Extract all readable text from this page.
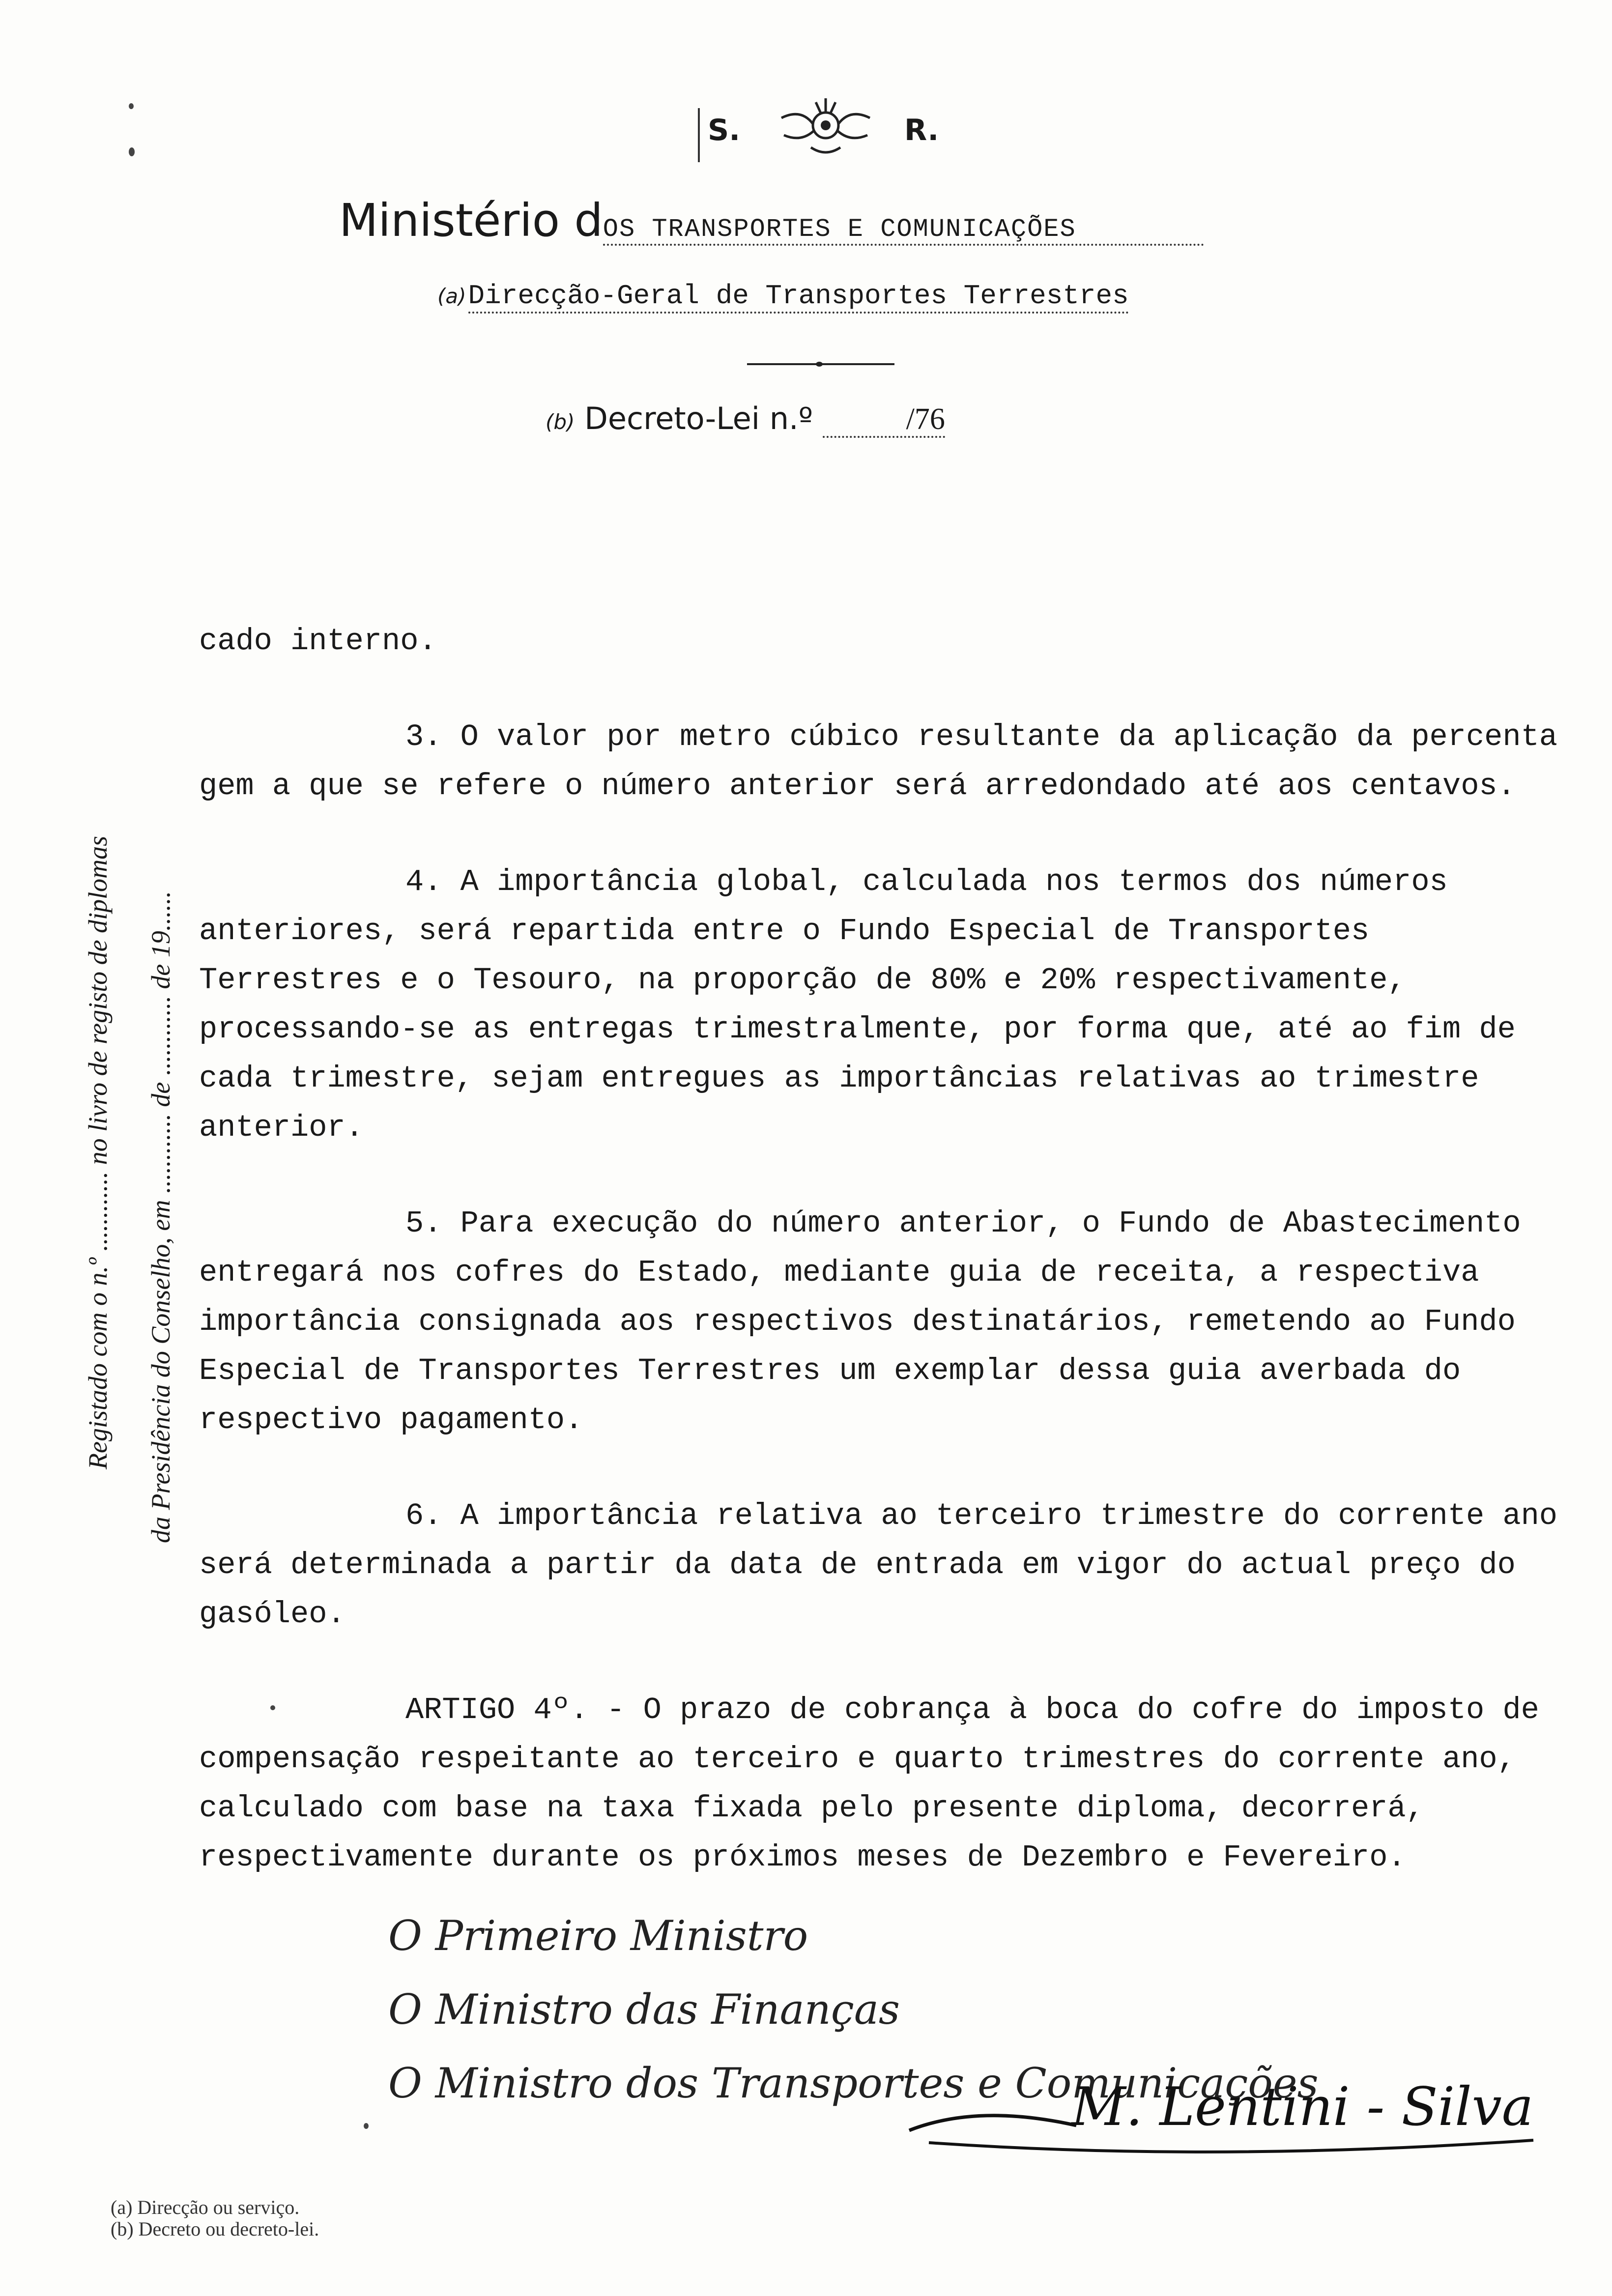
S.	R.
Ministério dOS TRANSPORTES E COMUNICAÇÕES
(a) Direcção-Geral de Transportes Terrestres
(b) Decreto-Lei n.º	/76
Registado com o n.º ............ no livro de registo de diplomas da Presidência do Conselho, em ............ de ............ de 19......

cado interno.

3. O valor por metro cúbico resultante da aplicação da percenta gem a que se refere o número anterior será arredondado até aos centavos.

4. A importância global, calculada nos termos dos números anteriores, será repartida entre o Fundo Especial de Transportes Terrestres e o Tesouro, na proporção de 80% e 20% respectivamente, processando-se as entregas trimestralmente, por forma que, até ao fim de cada trimestre, sejam entregues as importâncias relativas ao trimestre anterior.

5. Para execução do número anterior, o Fundo de Abastecimento entregará nos cofres do Estado, mediante guia de receita, a respectiva importância consignada aos respectivos destinatários, remetendo ao Fundo Especial de Transportes Terrestres um exemplar dessa guia averbada do respectivo pagamento.

6. A importância relativa ao terceiro trimestre do corrente ano será determinada a partir da data de entrada em vigor do actual preço do gasóleo.

ARTIGO 4º. - O prazo de cobrança à boca do cofre do imposto de compensação respeitante ao terceiro e quarto trimestres do corrente ano, calculado com base na taxa fixada pelo presente diploma, decorrerá, respectivamente durante os próximos meses de Dezembro e Fevereiro.

O Primeiro Ministro
O Ministro das Finanças
O Ministro dos Transportes e Comunicações
M. Lentini - Silva
(a) Direcção ou serviço.
(b) Decreto ou decreto-lei.
